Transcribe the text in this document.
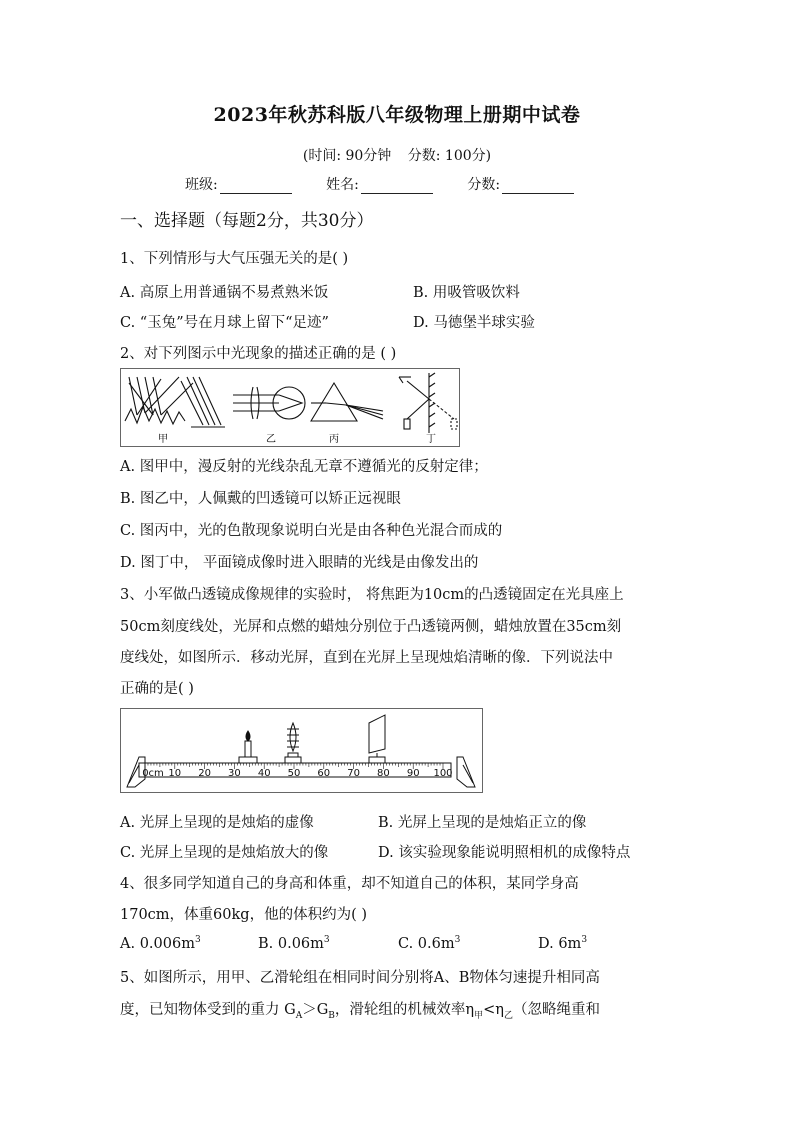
2023年秋苏科版八年级物理上册期中试卷
(时间: 90分钟 分数: 100分)
班级:	姓名:	分数:
一、选择题（每题2分，共30分）
1、下列情形与大气压强无关的是( )
A. 高原上用普通锅不易煮熟米饭	B. 用吸管吸饮料
C. “玉兔”号在月球上留下“足迹”	D. 马德堡半球实验
2、对下列图示中光现象的描述正确的是 ( )
甲	乙	丙	丁
A. 图甲中，漫反射的光线杂乱无章不遵循光的反射定律；
B. 图乙中，人佩戴的凹透镜可以矫正远视眼
C. 图丙中，光的色散现象说明白光是由各种色光混合而成的
D. 图丁中， 平面镜成像时进入眼睛的光线是由像发出的
3、小军做凸透镜成像规律的实验时， 将焦距为10cm的凸透镜固定在光具座上
50cm刻度线处，光屏和点燃的蜡烛分别位于凸透镜两侧，蜡烛放置在35cm刻
度线处，如图所示．移动光屏，直到在光屏上呈现烛焰清晰的像．下列说法中
正确的是( )
0cm 10 20 30 40 50 60 70 80 90 100
A. 光屏上呈现的是烛焰的虚像	B. 光屏上呈现的是烛焰正立的像
C. 光屏上呈现的是烛焰放大的像	D. 该实验现象能说明照相机的成像特点
4、很多同学知道自己的身高和体重，却不知道自己的体积，某同学身高
170cm，体重60kg，他的体积约为( )
A. $0.006m^3$	B. $0.06m^3$	C. $0.6m^3$	D. $6m^3$
5、如图所示，用甲、乙滑轮组在相同时间分别将A、B物体匀速提升相同高
度，已知物体受到的重力 $G_A>G_B$，滑轮组的机械效率$\eta_甲<\eta_乙$（忽略绳重和
